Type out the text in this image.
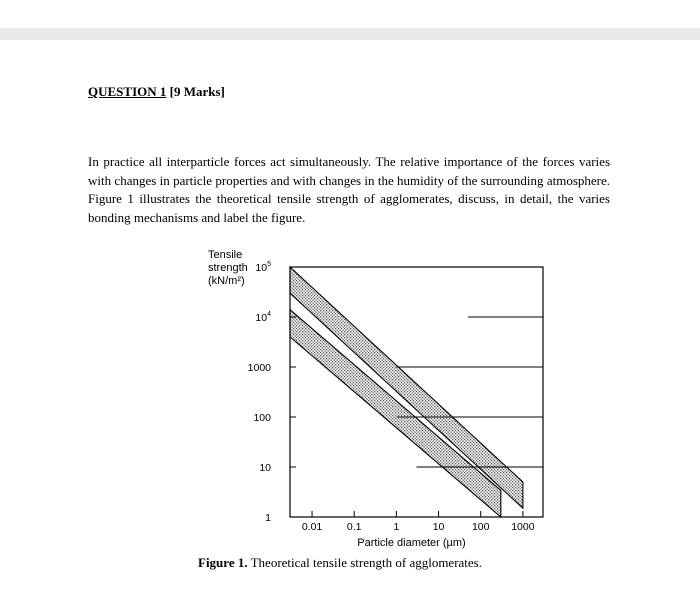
QUESTION 1 [9 Marks]

In practice all interparticle forces act simultaneously. The relative importance of the forces varies with changes in particle properties and with changes in the humidity of the surrounding atmosphere. Figure 1 illustrates the theoretical tensile strength of agglomerates, discuss, in detail, the varies bonding mechanisms and label the figure.

$10^5$
$10^4$
1000
100
10
1
0.01 0.1	1	10	100 1000
Tensile strength (kN/m²)
Particle diameter (µm)
Figure 1. Theoretical tensile strength of agglomerates.
